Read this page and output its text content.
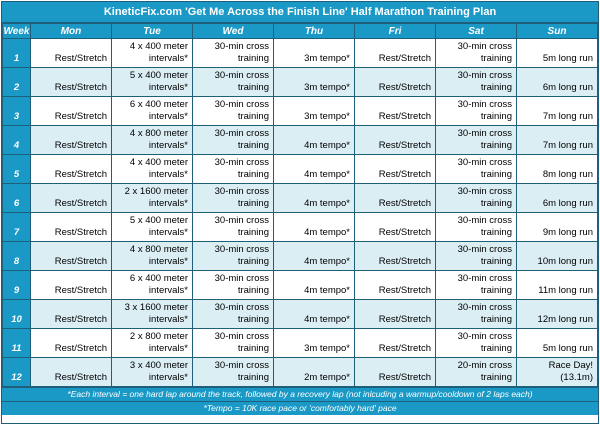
KineticFix.com 'Get Me Across the Finish Line' Half Marathon Training Plan
Week	Mon	Tue	Wed	Thu	Fri	Sat	Sun
1	Rest/Stretch	4 x 400 meter
intervals*	30-min cross
training	3m tempo*	Rest/Stretch	30-min cross
training	5m long run

2	Rest/Stretch	5 x 400 meter
intervals*	30-min cross
training	3m tempo*	Rest/Stretch	30-min cross
training	6m long run

3	Rest/Stretch	6 x 400 meter
intervals*	30-min cross
training	3m tempo*	Rest/Stretch	30-min cross
training	7m long run

4	Rest/Stretch	4 x 800 meter
intervals*	30-min cross
training	4m tempo*	Rest/Stretch	30-min cross
training	7m long run

5	Rest/Stretch	4 x 400 meter
intervals*	30-min cross
training	4m tempo*	Rest/Stretch	30-min cross
training	8m long run

6	Rest/Stretch	2 x 1600 meter
intervals*	30-min cross
training	4m tempo*	Rest/Stretch	30-min cross
training	6m long run

7	Rest/Stretch	5 x 400 meter
intervals*	30-min cross
training	4m tempo*	Rest/Stretch	30-min cross
training	9m long run

8	Rest/Stretch	4 x 800 meter
intervals*	30-min cross
training	4m tempo*	Rest/Stretch	30-min cross
training	10m long run

9	Rest/Stretch	6 x 400 meter
intervals*	30-min cross
training	4m tempo*	Rest/Stretch	30-min cross
training	11m long run

10	Rest/Stretch	3 x 1600 meter
intervals*	30-min cross
training	4m tempo*	Rest/Stretch	30-min cross
training	12m long run

11	Rest/Stretch	2 x 800 meter
intervals*	30-min cross
training	3m tempo*	Rest/Stretch	30-min cross
training	5m long run

12	Rest/Stretch	3 x 400 meter
intervals*	30-min cross
training	2m tempo*	Rest/Stretch	20-min cross
training	Race Day!
(13.1m)
*Each interval = one hard lap around the track, followed by a recovery lap (not inlcuding a warmup/cooldown of 2 laps each)
*Tempo = 10K race pace or 'comfortably hard' pace
